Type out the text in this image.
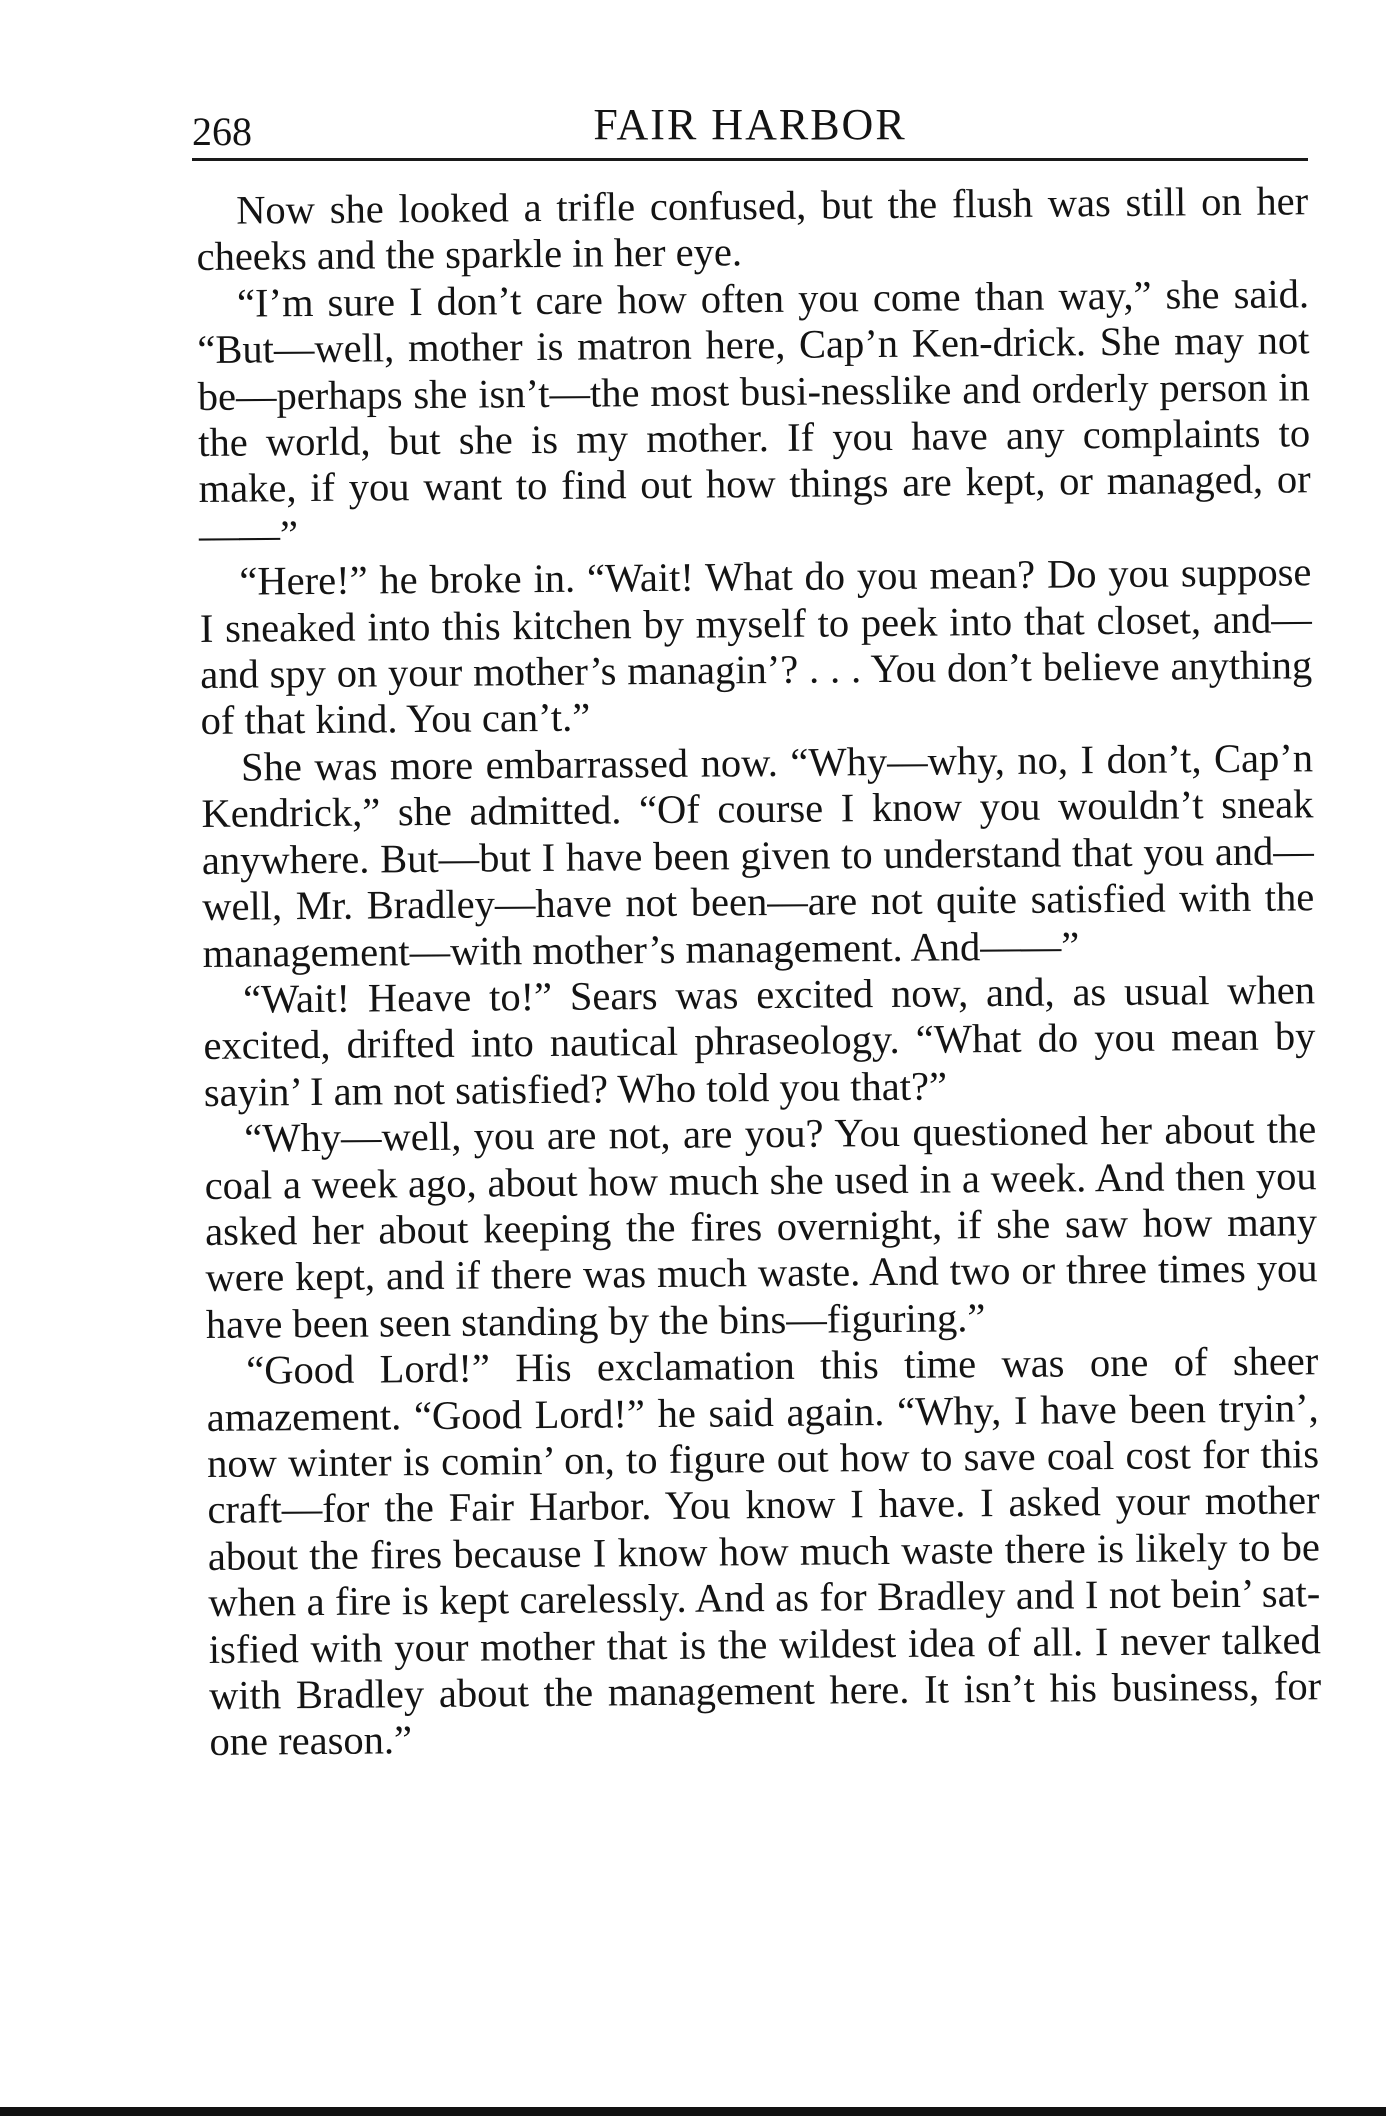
268	FAIR HARBOR

Now she looked a trifle confused, but the flush was still on her cheeks and the sparkle in her eye.

“I’m sure I don’t care how often you come than way,” she said. “But—well, mother is matron here, Cap’n Ken-drick. She may not be—perhaps she isn’t—the most busi-nesslike and orderly person in the world, but she is my mother. If you have any complaints to make, if you want to find out how things are kept, or managed, or——”

“Here!” he broke in. “Wait! What do you mean? Do you suppose I sneaked into this kitchen by myself to peek into that closet, and—and spy on your mother’s managin’? . . . You don’t believe anything of that kind. You can’t.”

She was more embarrassed now. “Why—why, no, I don’t, Cap’n Kendrick,” she admitted. “Of course I know you wouldn’t sneak anywhere. But—but I have been given to understand that you and—well, Mr. Bradley—have not been—are not quite satisfied with the management—with mother’s management. And——”

“Wait! Heave to!” Sears was excited now, and, as usual when excited, drifted into nautical phraseology. “What do you mean by sayin’ I am not satisfied? Who told you that?”

“Why—well, you are not, are you? You questioned her about the coal a week ago, about how much she used in a week. And then you asked her about keeping the fires overnight, if she saw how many were kept, and if there was much waste. And two or three times you have been seen standing by the bins—figuring.”

“Good Lord!” His exclamation this time was one of sheer amazement. “Good Lord!” he said again. “Why, I have been tryin’, now winter is comin’ on, to figure out how to save coal cost for this craft—for the Fair Harbor. You know I have. I asked your mother about the fires because I know how much waste there is likely to be when a fire is kept carelessly. And as for Bradley and I not bein’ sat-isfied with your mother that is the wildest idea of all. I never talked with Bradley about the management here. It isn’t his business, for one reason.”
